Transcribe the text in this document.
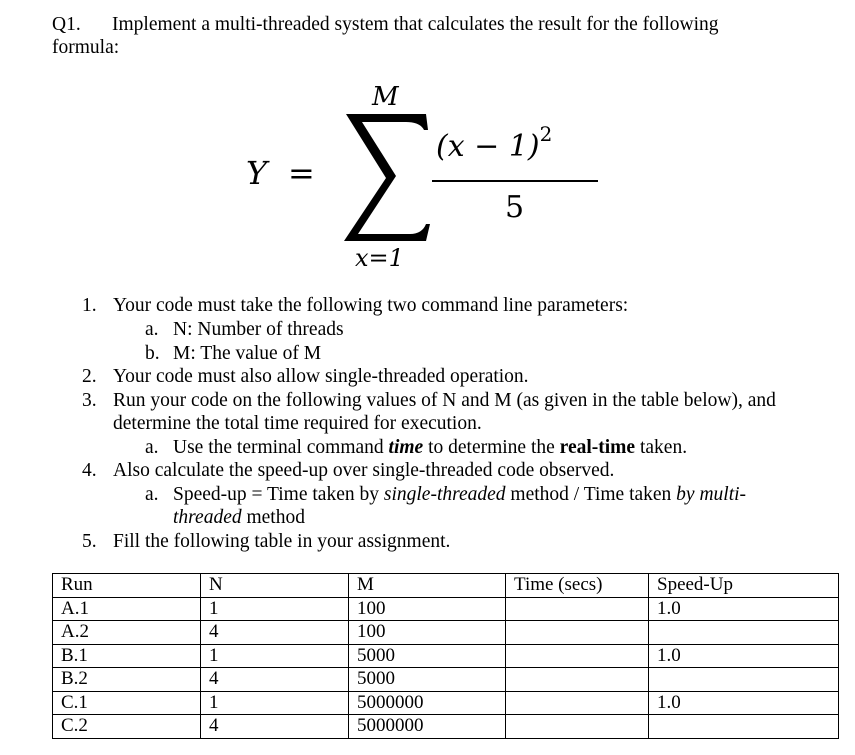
Q1. Implement a multi-threaded system that calculates the result for the following
formula:
Y =
M
x=1
$(x - 1)^2$
5
1. Your code must take the following two command line parameters:
a. N: Number of threads
b. M: The value of M
2. Your code must also allow single-threaded operation.
3. Run your code on the following values of N and M (as given in the table below), and
determine the total time required for execution.
a. Use the terminal command time to determine the real-time taken.
4. Also calculate the speed-up over single-threaded code observed.
a. Speed-up = Time taken by single-threaded method / Time taken by multi-
threaded method
5. Fill the following table in your assignment.
Run	N	M	Time (secs)	Speed-Up
A.1	1	100		1.0
A.2	4	100		
B.1	1	5000		1.0
B.2	4	5000		
C.1	1	5000000		1.0
C.2	4	5000000		
